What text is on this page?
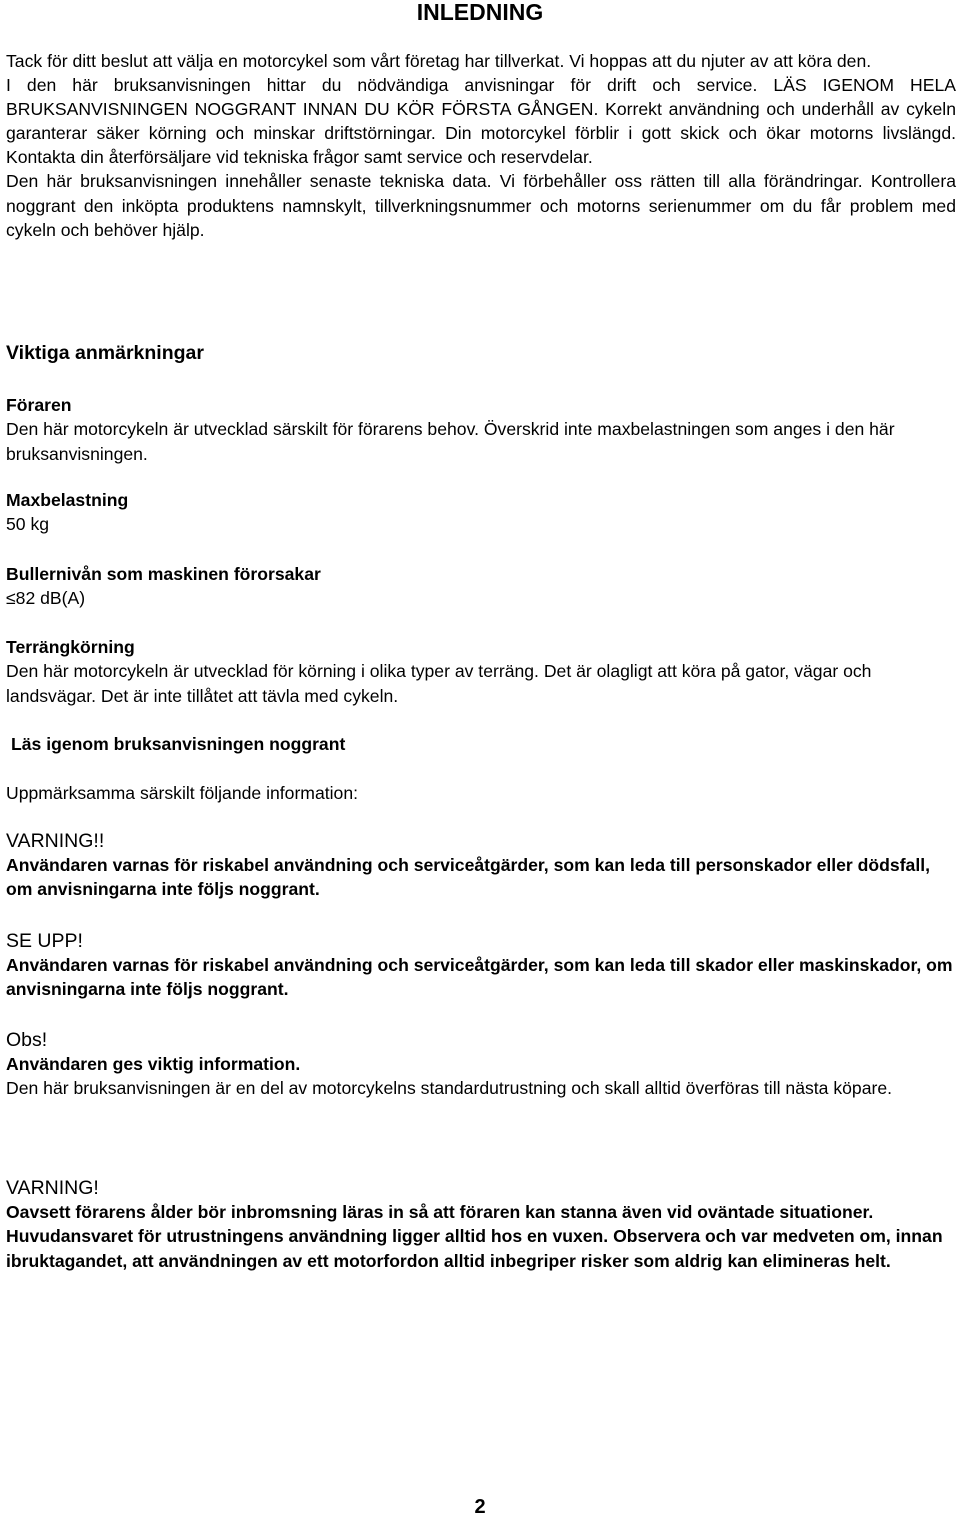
INLEDNING
Tack för ditt beslut att välja en motorcykel som vårt företag har tillverkat. Vi hoppas att du njuter av att köra den.
I den här bruksanvisningen hittar du nödvändiga anvisningar för drift och service. LÄS IGENOM HELA BRUKSANVISNINGEN NOGGRANT INNAN DU KÖR FÖRSTA GÅNGEN. Korrekt användning och underhåll av cykeln garanterar säker körning och minskar driftstörningar. Din motorcykel förblir i gott skick och ökar motorns livslängd. Kontakta din återförsäljare vid tekniska frågor samt service och reservdelar.
Den här bruksanvisningen innehåller senaste tekniska data. Vi förbehåller oss rätten till alla förändringar. Kontrollera noggrant den inköpta produktens namnskylt, tillverkningsnummer och motorns serienummer om du får problem med cykeln och behöver hjälp.
Viktiga anmärkningar
Föraren
Den här motorcykeln är utvecklad särskilt för förarens behov. Överskrid inte maxbelastningen som anges i den här bruksanvisningen.
Maxbelastning
50 kg
Bullernivån som maskinen förorsakar
≤82 dB(A)
Terrängkörning
Den här motorcykeln är utvecklad för körning i olika typer av terräng. Det är olagligt att köra på gator, vägar och landsvägar. Det är inte tillåtet att tävla med cykeln.
Läs igenom bruksanvisningen noggrant
Uppmärksamma särskilt följande information:
VARNING!!
Användaren varnas för riskabel användning och serviceåtgärder, som kan leda till personskador eller dödsfall, om anvisningarna inte följs noggrant.
SE UPP!
Användaren varnas för riskabel användning och serviceåtgärder, som kan leda till skador eller maskinskador, om anvisningarna inte följs noggrant.
Obs!
Användaren ges viktig information.
Den här bruksanvisningen är en del av motorcykelns standardutrustning och skall alltid överföras till nästa köpare.
VARNING!
Oavsett förarens ålder bör inbromsning läras in så att föraren kan stanna även vid oväntade situationer. Huvudansvaret för utrustningens användning ligger alltid hos en vuxen. Observera och var medveten om, innan ibruktagandet, att användningen av ett motorfordon alltid inbegriper risker som aldrig kan elimineras helt.
2
